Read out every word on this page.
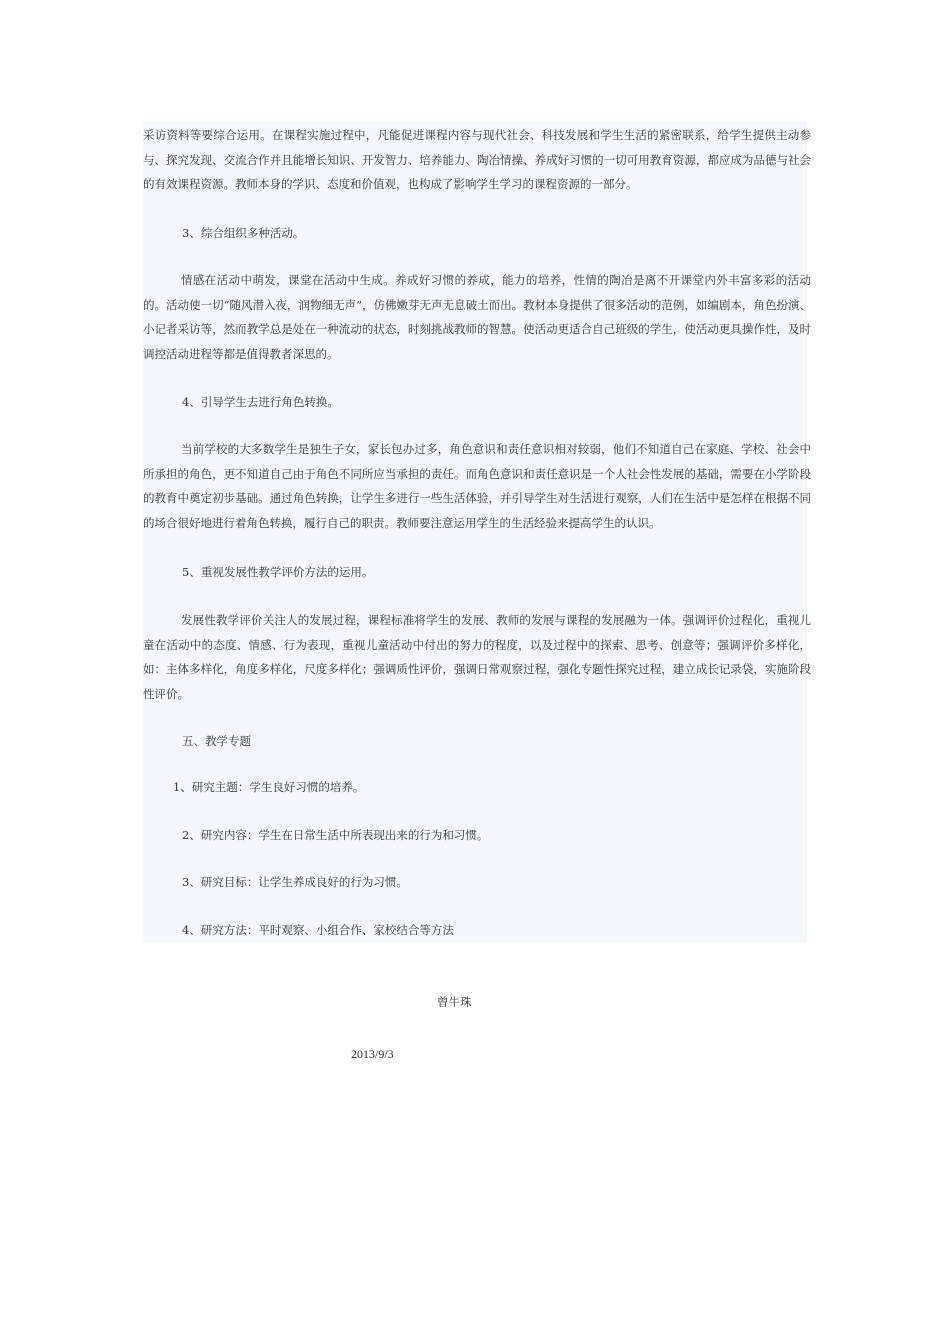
采访资料等要综合运用。在课程实施过程中，凡能促进课程内容与现代社会、科技发展和学生生活的紧密联系，给学生提供主动参与、探究发现、交流合作并且能增长知识、开发智力、培养能力、陶冶情操、养成好习惯的一切可用教育资源，都应成为品德与社会的有效课程资源。教师本身的学识、态度和价值观，也构成了影响学生学习的课程资源的一部分。

3、综合组织多种活动。

情感在活动中萌发，课堂在活动中生成。养成好习惯的养成，能力的培养，性情的陶冶是离不开课堂内外丰富多彩的活动的。活动使一切“随风潜入夜，润物细无声”，仿佛嫩芽无声无息破土而出。教材本身提供了很多活动的范例，如编剧本，角色扮演、小记者采访等，然而教学总是处在一种流动的状态，时刻挑战教师的智慧。使活动更适合自己班级的学生，使活动更具操作性，及时调控活动进程等都是值得教者深思的。

4、引导学生去进行角色转换。

当前学校的大多数学生是独生子女，家长包办过多，角色意识和责任意识相对较弱，他们不知道自己在家庭、学校、社会中所承担的角色，更不知道自己由于角色不同所应当承担的责任。而角色意识和责任意识是一个人社会性发展的基础，需要在小学阶段的教育中奠定初步基础。通过角色转换，让学生多进行一些生活体验，并引导学生对生活进行观察，人们在生活中是怎样在根据不同的场合很好地进行着角色转换，履行自己的职责。教师要注意运用学生的生活经验来提高学生的认识。

5、重视发展性教学评价方法的运用。

发展性教学评价关注人的发展过程，课程标准将学生的发展、教师的发展与课程的发展融为一体。强调评价过程化，重视儿童在活动中的态度、情感、行为表现，重视儿童活动中付出的努力的程度，以及过程中的探索、思考、创意等；强调评价多样化，如：主体多样化，角度多样化，尺度多样化；强调质性评价，强调日常观察过程，强化专题性探究过程，建立成长记录袋，实施阶段性评价。

五、教学专题

1、研究主题：学生良好习惯的培养。

2、研究内容：学生在日常生活中所表现出来的行为和习惯。

3、研究目标：让学生养成良好的行为习惯。

4、研究方法：平时观察、小组合作、家校结合等方法

曾牛珠
2013/9/3
